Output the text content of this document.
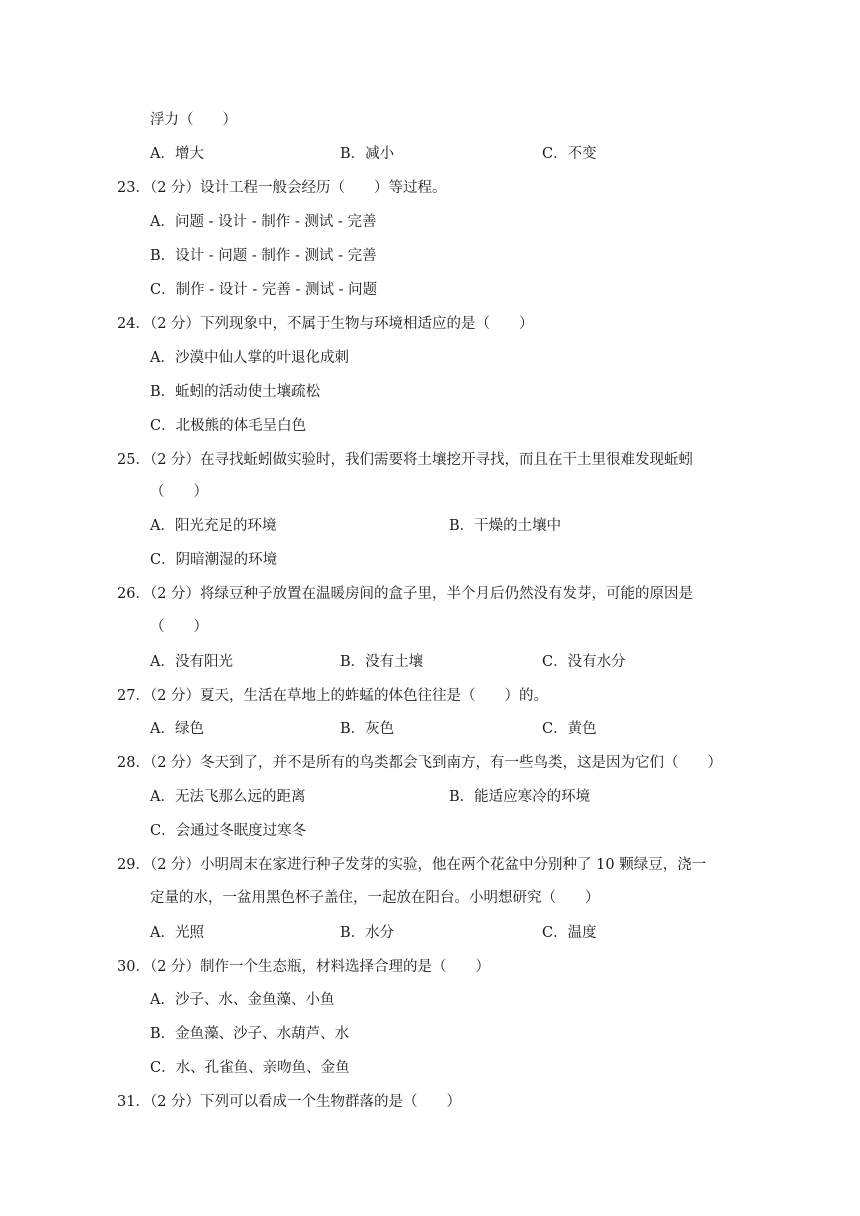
浮力（　　）
A．增大	B．减小	C．不变
23．（2 分）设计工程一般会经历（　　）等过程。
A．问题 - 设计 - 制作 - 测试 - 完善
B．设计 - 问题 - 制作 - 测试 - 完善
C．制作 - 设计 - 完善 - 测试 - 问题
24．（2 分）下列现象中，不属于生物与环境相适应的是（　　）
A．沙漠中仙人掌的叶退化成刺
B．蚯蚓的活动使土壤疏松
C．北极熊的体毛呈白色
25．（2 分）在寻找蚯蚓做实验时，我们需要将土壤挖开寻找，而且在干土里很难发现蚯蚓
（　　）
A．阳光充足的环境	B．干燥的土壤中
C．阴暗潮湿的环境
26．（2 分）将绿豆种子放置在温暖房间的盒子里，半个月后仍然没有发芽，可能的原因是
（　　）
A．没有阳光	B．没有土壤	C．没有水分
27．（2 分）夏天，生活在草地上的蚱蜢的体色往往是（　　）的。
A．绿色	B．灰色	C．黄色
28．（2 分）冬天到了，并不是所有的鸟类都会飞到南方，有一些鸟类，这是因为它们（　　）
A．无法飞那么远的距离	B．能适应寒冷的环境
C．会通过冬眠度过寒冬
29．（2 分）小明周末在家进行种子发芽的实验，他在两个花盆中分别种了 10 颗绿豆，浇一
定量的水，一盆用黑色杯子盖住，一起放在阳台。小明想研究（　　）
A．光照	B．水分	C．温度
30．（2 分）制作一个生态瓶，材料选择合理的是（　　）
A．沙子、水、金鱼藻、小鱼
B．金鱼藻、沙子、水葫芦、水
C．水、孔雀鱼、亲吻鱼、金鱼
31．（2 分）下列可以看成一个生物群落的是（　　）
